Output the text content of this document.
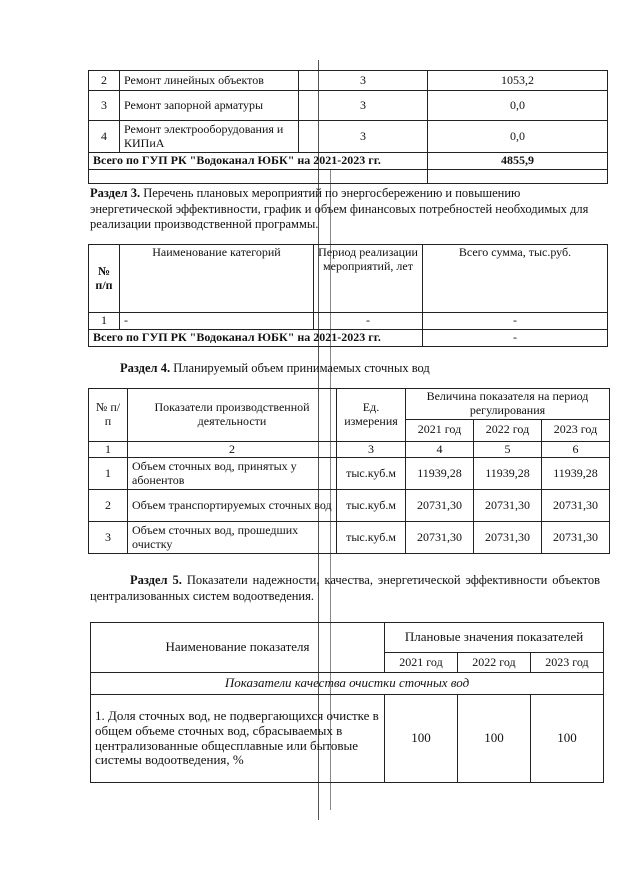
2	Ремонт линейных объектов	3	1053,2
3	Ремонт запорной арматуры	3	0,0
4	Ремонт электрооборудования и КИПиА	3	0,0
Всего по ГУП РК "Водоканал ЮБК" на 2021-2023 гг.			4855,9

Раздел 3. Перечень плановых мероприятий по энергосбережению и повышению энергетической эффективности, график и объем финансовых потребностей необходимых для реализации производственной программы.
№ п/п	Наименование категорий	Период реализации мероприятий, лет	Всего сумма, тыс.руб.
1	-	-	-
Всего по ГУП РК "Водоканал ЮБК" на 2021-2023 гг.			-
Раздел 4. Планируемый объем принимаемых сточных вод
№ п/п	Показатели производственной деятельности	Ед. измерения	Величина показателя на период регулирования		
			2021 год	2022 год	2023 год
1	2	3	4	5	6
1	Объем сточных вод, принятых у абонентов	тыс.куб.м	11939,28	11939,28	11939,28
2	Объем транспортируемых сточных вод	тыс.куб.м	20731,30	20731,30	20731,30
3	Объем сточных вод, прошедших очистку	тыс.куб.м	20731,30	20731,30	20731,30
Раздел 5. Показатели надежности, качества, энергетической эффективности объектов централизованных систем водоотведения.
Наименование показателя	Плановые значения показателей		
	2021 год	2022 год	2023 год
Показатели качества очистки сточных вод			
1. Доля сточных вод, не подвергающихся очистке в общем объеме сточных вод, сбрасываемых в централизованные общесплавные или бытовые системы водоотведения, %	100	100	100
